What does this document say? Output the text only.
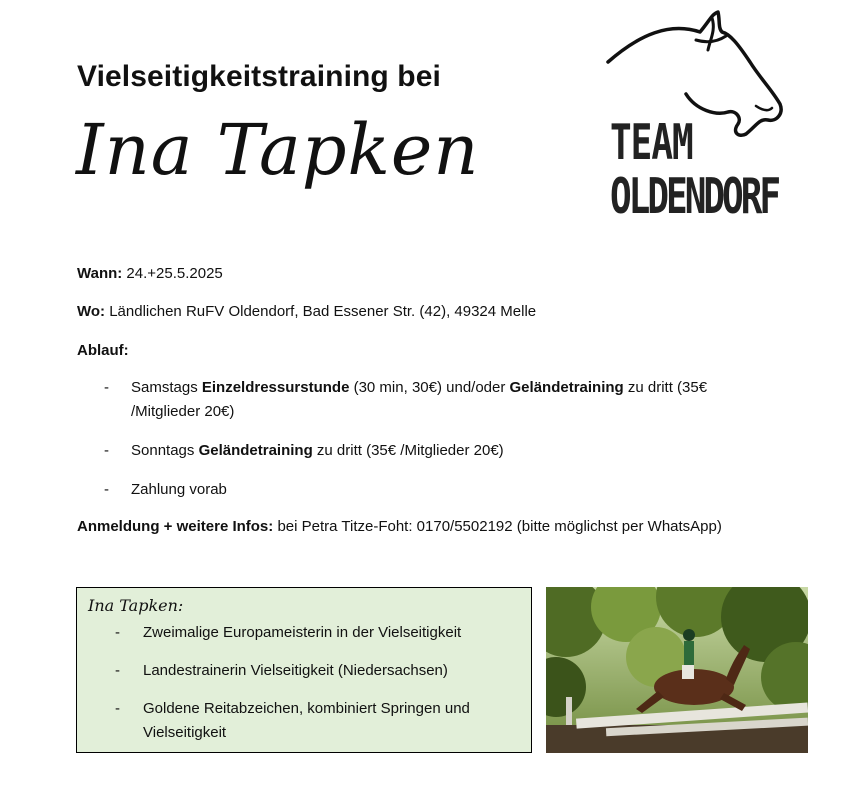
Vielseitigkeitstraining bei
Ina Tapken	TEAM
OLDENDORF
Wann: 24.+25.5.2025
Wo: Ländlichen RuFV Oldendorf, Bad Essener Str. (42), 49324 Melle
Ablauf:
- Samstags Einzeldressurstunde (30 min, 30€) und/oder Geländetraining zu dritt (35€ /Mitglieder 20€)
- Sonntags Geländetraining zu dritt (35€ /Mitglieder 20€)
- Zahlung vorab
Anmeldung + weitere Infos: bei Petra Titze-Foht: 0170/5502192 (bitte möglichst per WhatsApp)
Ina Tapken:
- Zweimalige Europameisterin in der Vielseitigkeit
- Landestrainerin Vielseitigkeit (Niedersachsen)
- Goldene Reitabzeichen, kombiniert Springen und Vielseitigkeit
